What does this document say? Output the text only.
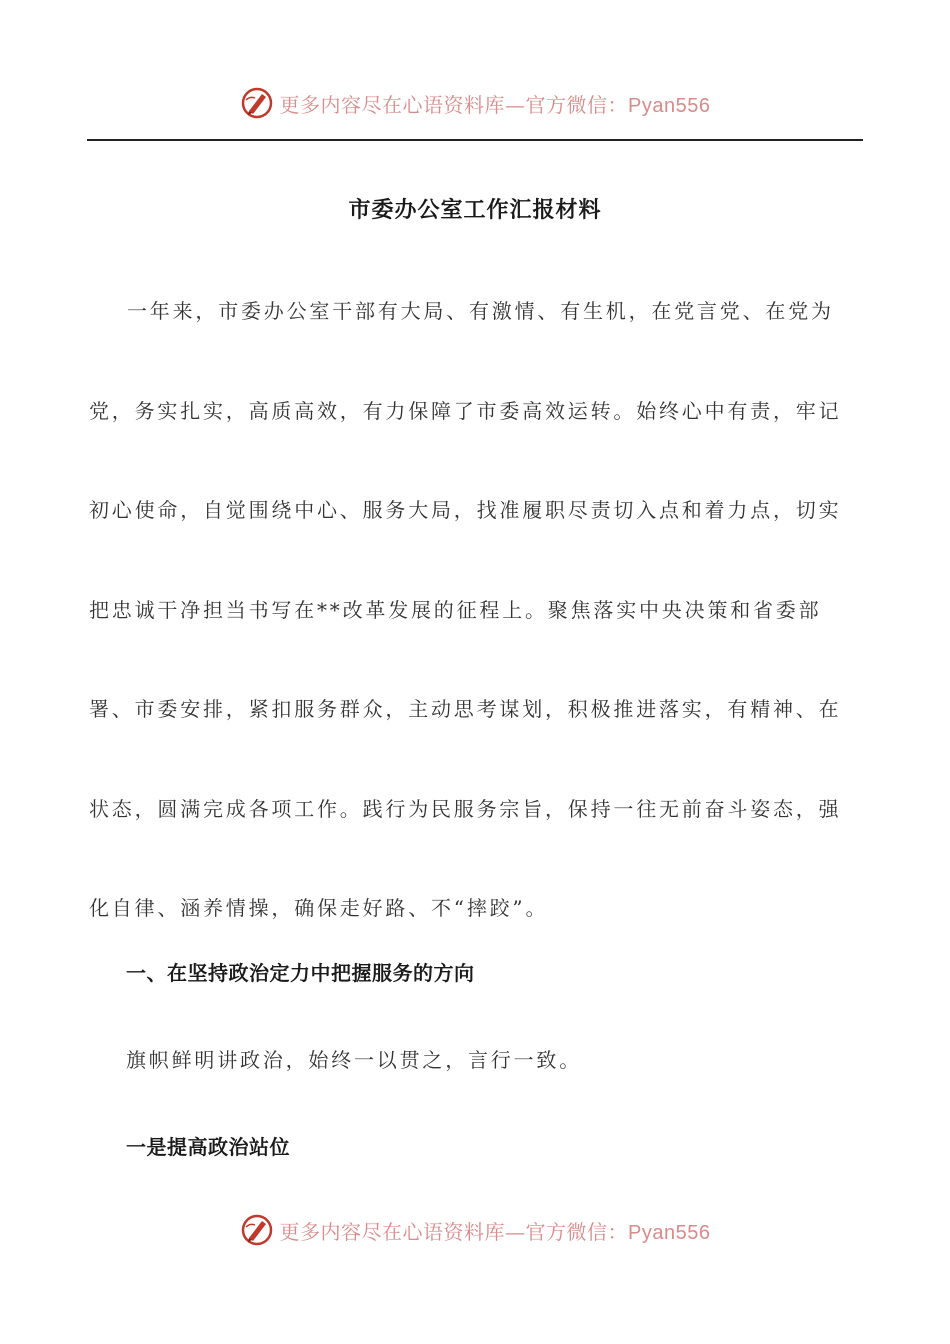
更多内容尽在心语资料库—官方微信：Pyan556
市委办公室工作汇报材料

一年来，市委办公室干部有大局、有激情、有生机，在党言党、在党为党，务实扎实，高质高效，有力保障了市委高效运转。始终心中有责，牢记初心使命，自觉围绕中心、服务大局，找准履职尽责切入点和着力点，切实把忠诚干净担当书写在**改革发展的征程上。聚焦落实中央决策和省委部署、市委安排，紧扣服务群众，主动思考谋划，积极推进落实，有精神、在状态，圆满完成各项工作。践行为民服务宗旨，保持一往无前奋斗姿态，强化自律、涵养情操，确保走好路、不“摔跤”。

一、在坚持政治定力中把握服务的方向

旗帜鲜明讲政治，始终一以贯之，言行一致。

一是提高政治站位
更多内容尽在心语资料库—官方微信：Pyan556
